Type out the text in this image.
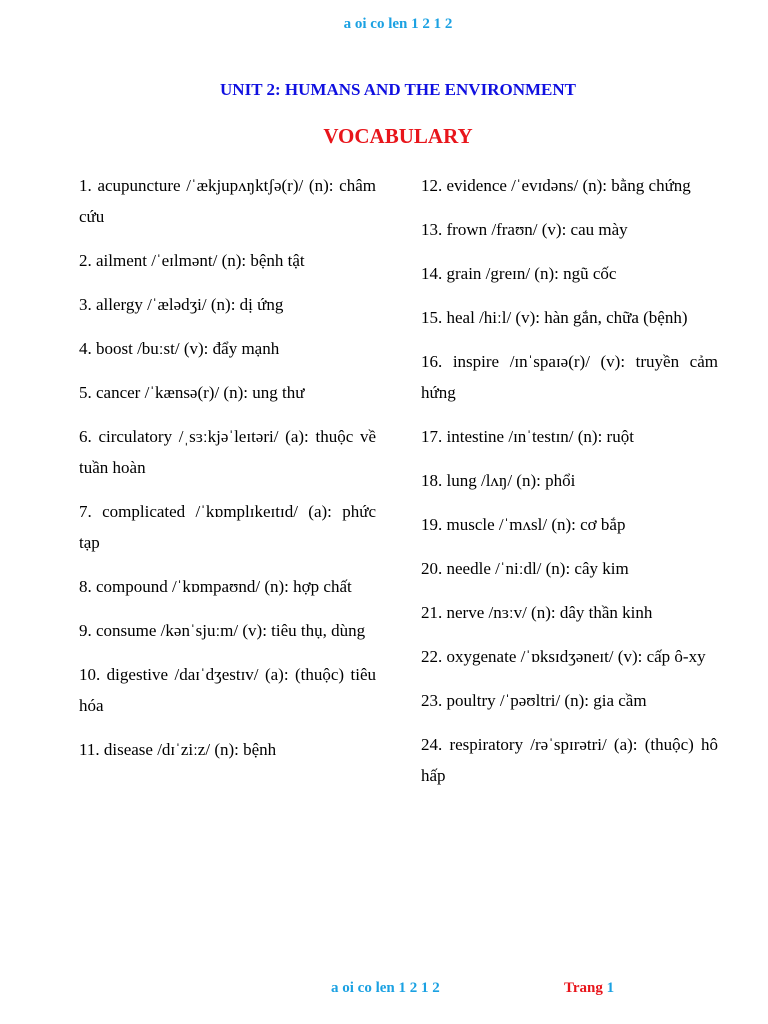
a oi co len 1 2 1 2
UNIT 2: HUMANS AND THE ENVIRONMENT
VOCABULARY
1. acupuncture /ˈækjupʌŋktʃə(r)/ (n): châm cứu
2. ailment /ˈeɪlmənt/ (n): bệnh tật
3. allergy /ˈælədʒi/ (n): dị ứng
4. boost /buːst/ (v): đẩy mạnh
5. cancer /ˈkænsə(r)/ (n): ung thư
6. circulatory /ˌsɜːkjəˈleɪtəri/ (a): thuộc về tuần hoàn
7. complicated /ˈkɒmplɪkeɪtɪd/ (a): phức tạp
8. compound /ˈkɒmpaʊnd/ (n): hợp chất
9. consume /kənˈsjuːm/ (v): tiêu thụ, dùng
10. digestive /daɪˈdʒestɪv/ (a): (thuộc) tiêu hóa
11. disease /dɪˈziːz/ (n): bệnh
12. evidence /ˈevɪdəns/ (n): bằng chứng
13. frown /fraʊn/ (v): cau mày
14. grain /greɪn/ (n): ngũ cốc
15. heal /hiːl/ (v): hàn gắn, chữa (bệnh)
16. inspire /ɪnˈspaɪə(r)/ (v): truyền cảm hứng
17. intestine /ɪnˈtestɪn/ (n): ruột
18. lung /lʌŋ/ (n): phổi
19. muscle /ˈmʌsl/ (n): cơ bắp
20. needle /ˈniːdl/ (n): cây kim
21. nerve /nɜːv/ (n): dây thần kinh
22. oxygenate /ˈɒksɪdʒəneɪt/ (v): cấp ô-xy
23. poultry /ˈpəʊltri/ (n): gia cầm
24. respiratory /rəˈspɪrətri/ (a): (thuộc) hô hấp
a oi co len 1 2 1 2	Trang 1
